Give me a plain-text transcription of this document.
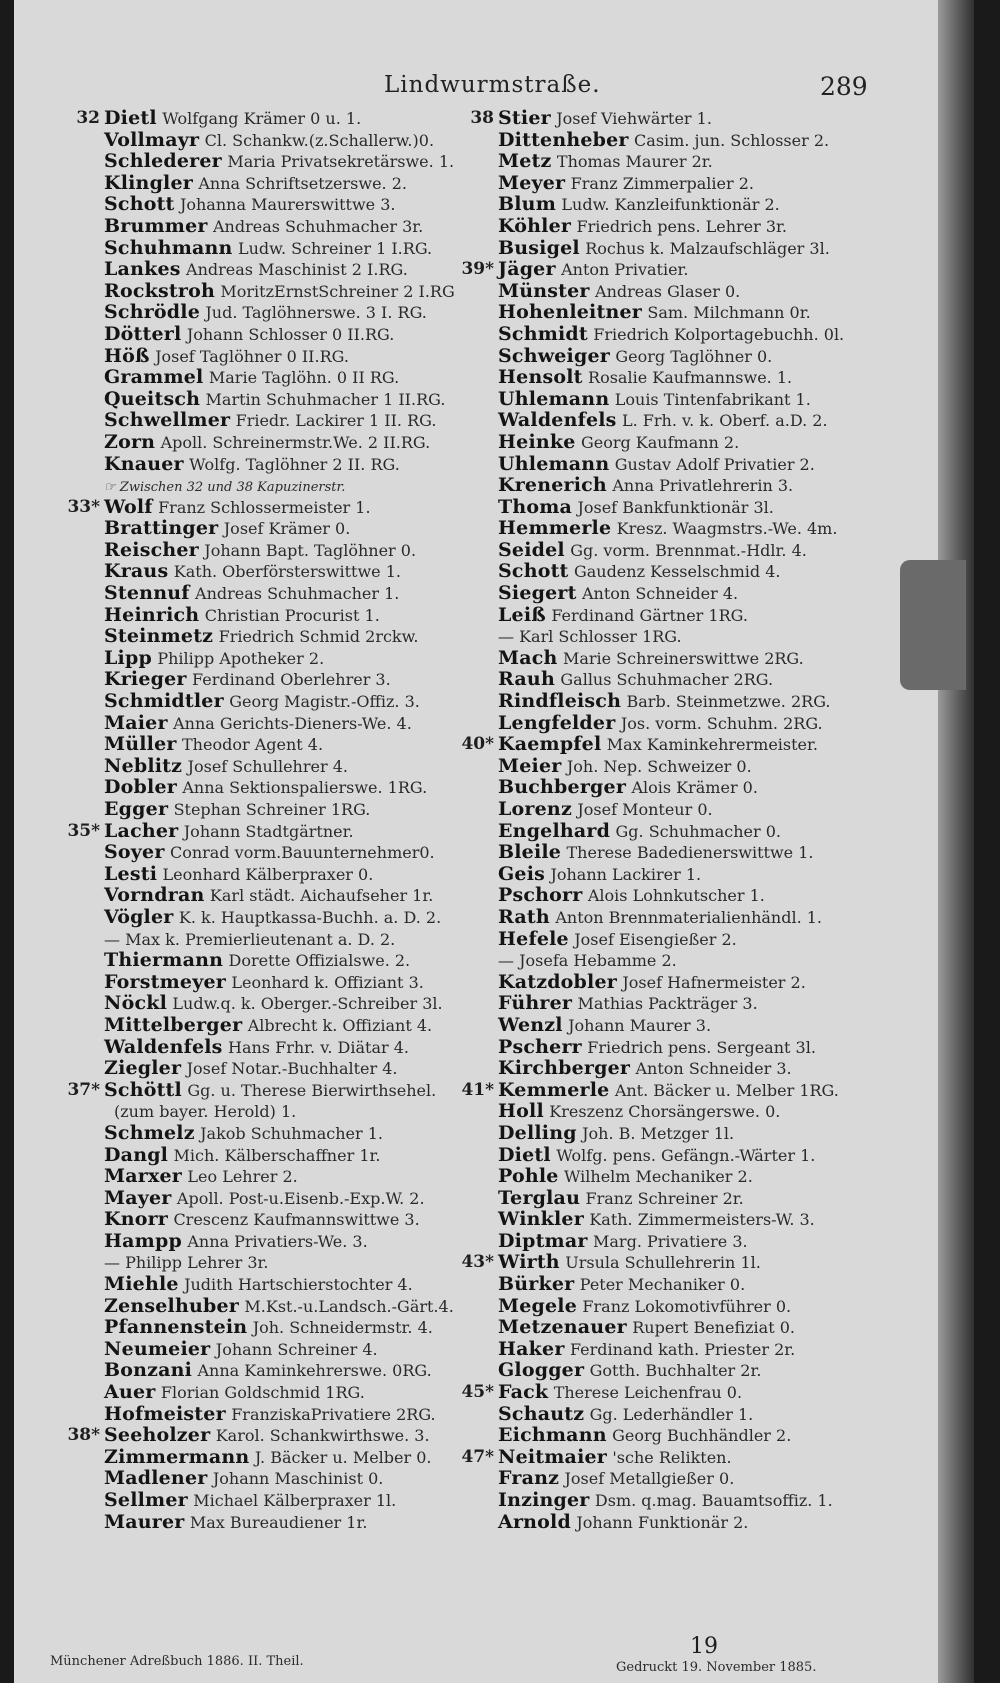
Lindwurmstraße.	289
32 Dietl Wolfgang Krämer 0 u. 1.
Vollmayr Cl. Schankw.(z.Schallerw.)0.
Schlederer Maria Privatsekretärswe. 1.
Klingler Anna Schriftsetzerswe. 2.
Schott Johanna Maurerswittwe 3.
Brummer Andreas Schuhmacher 3r.
Schuhmann Ludw. Schreiner 1 I.RG.
Lankes Andreas Maschinist 2 I.RG.
Rockstroh MoritzErnstSchreiner 2 I.RG
Schrödle Jud. Taglöhnerswe. 3 I. RG.
Dötterl Johann Schlosser 0 II.RG.
Höß Josef Taglöhner 0 II.RG.
Grammel Marie Taglöhn. 0 II RG.
Queitsch Martin Schuhmacher 1 II.RG.
Schwellmer Friedr. Lackirer 1 II. RG.
Zorn Apoll. Schreinermstr.We. 2 II.RG.
Knauer Wolfg. Taglöhner 2 II. RG.
☞ Zwischen 32 und 38 Kapuzinerstr.
33* Wolf Franz Schlossermeister 1.
Brattinger Josef Krämer 0.
Reischer Johann Bapt. Taglöhner 0.
Kraus Kath. Oberförsterswittwe 1.
Stennuf Andreas Schuhmacher 1.
Heinrich Christian Procurist 1.
Steinmetz Friedrich Schmid 2rckw.
Lipp Philipp Apotheker 2.
Krieger Ferdinand Oberlehrer 3.
Schmidtler Georg Magistr.-Offiz. 3.
Maier Anna Gerichts-Dieners-We. 4.
Müller Theodor Agent 4.
Neblitz Josef Schullehrer 4.
Dobler Anna Sektionspalierswe. 1RG.
Egger Stephan Schreiner 1RG.
35* Lacher Johann Stadtgärtner.
Soyer Conrad vorm.Bauunternehmer0.
Lesti Leonhard Kälberpraxer 0.
Vorndran Karl städt. Aichaufseher 1r.
Vögler K. k. Hauptkassa-Buchh. a. D. 2.
— Max k. Premierlieutenant a. D. 2.
Thiermann Dorette Offizialswe. 2.
Forstmeyer Leonhard k. Offiziant 3.
Nöckl Ludw.q. k. Oberger.-Schreiber 3l.
Mittelberger Albrecht k. Offiziant 4.
Waldenfels Hans Frhr. v. Diätar 4.
Ziegler Josef Notar.-Buchhalter 4.
37* Schöttl Gg. u. Therese Bierwirthsehel.
(zum bayer. Herold) 1.
Schmelz Jakob Schuhmacher 1.
Dangl Mich. Kälberschaffner 1r.
Marxer Leo Lehrer 2.
Mayer Apoll. Post-u.Eisenb.-Exp.W. 2.
Knorr Crescenz Kaufmannswittwe 3.
Hampp Anna Privatiers-We. 3.
— Philipp Lehrer 3r.
Miehle Judith Hartschierstochter 4.
Zenselhuber M.Kst.-u.Landsch.-Gärt.4.
Pfannenstein Joh. Schneidermstr. 4.
Neumeier Johann Schreiner 4.
Bonzani Anna Kaminkehrerswe. 0RG.
Auer Florian Goldschmid 1RG.
Hofmeister FranziskaPrivatiere 2RG.
38* Seeholzer Karol. Schankwirthswe. 3.
Zimmermann J. Bäcker u. Melber 0.
Madlener Johann Maschinist 0.
Sellmer Michael Kälberpraxer 1l.
Maurer Max Bureaudiener 1r.
38 Stier Josef Viehwärter 1.
Dittenheber Casim. jun. Schlosser 2.
Metz Thomas Maurer 2r.
Meyer Franz Zimmerpalier 2.
Blum Ludw. Kanzleifunktionär 2.
Köhler Friedrich pens. Lehrer 3r.
Busigel Rochus k. Malzaufschläger 3l.
39* Jäger Anton Privatier.
Münster Andreas Glaser 0.
Hohenleitner Sam. Milchmann 0r.
Schmidt Friedrich Kolportagebuchh. 0l.
Schweiger Georg Taglöhner 0.
Hensolt Rosalie Kaufmannswe. 1.
Uhlemann Louis Tintenfabrikant 1.
Waldenfels L. Frh. v. k. Oberf. a.D. 2.
Heinke Georg Kaufmann 2.
Uhlemann Gustav Adolf Privatier 2.
Krenerich Anna Privatlehrerin 3.
Thoma Josef Bankfunktionär 3l.
Hemmerle Kresz. Waagmstrs.-We. 4m.
Seidel Gg. vorm. Brennmat.-Hdlr. 4.
Schott Gaudenz Kesselschmid 4.
Siegert Anton Schneider 4.
Leiß Ferdinand Gärtner 1RG.
— Karl Schlosser 1RG.
Mach Marie Schreinerswittwe 2RG.
Rauh Gallus Schuhmacher 2RG.
Rindfleisch Barb. Steinmetzwe. 2RG.
Lengfelder Jos. vorm. Schuhm. 2RG.
40* Kaempfel Max Kaminkehrermeister.
Meier Joh. Nep. Schweizer 0.
Buchberger Alois Krämer 0.
Lorenz Josef Monteur 0.
Engelhard Gg. Schuhmacher 0.
Bleile Therese Badedienerswittwe 1.
Geis Johann Lackirer 1.
Pschorr Alois Lohnkutscher 1.
Rath Anton Brennmaterialienhändl. 1.
Hefele Josef Eisengießer 2.
— Josefa Hebamme 2.
Katzdobler Josef Hafnermeister 2.
Führer Mathias Packträger 3.
Wenzl Johann Maurer 3.
Pscherr Friedrich pens. Sergeant 3l.
Kirchberger Anton Schneider 3.
41* Kemmerle Ant. Bäcker u. Melber 1RG.
Holl Kreszenz Chorsängerswe. 0.
Delling Joh. B. Metzger 1l.
Dietl Wolfg. pens. Gefängn.-Wärter 1.
Pohle Wilhelm Mechaniker 2.
Terglau Franz Schreiner 2r.
Winkler Kath. Zimmermeisters-W. 3.
Diptmar Marg. Privatiere 3.
43* Wirth Ursula Schullehrerin 1l.
Bürker Peter Mechaniker 0.
Megele Franz Lokomotivführer 0.
Metzenauer Rupert Benefiziat 0.
Haker Ferdinand kath. Priester 2r.
Glogger Gotth. Buchhalter 2r.
45* Fack Therese Leichenfrau 0.
Schautz Gg. Lederhändler 1.
Eichmann Georg Buchhändler 2.
47* Neitmaier 'sche Relikten.
Franz Josef Metallgießer 0.
Inzinger Dsm. q.mag. Bauamtsoffiz. 1.
Arnold Johann Funktionär 2.
Münchener Adreßbuch 1886. II. Theil.
19
Gedruckt 19. November 1885.
